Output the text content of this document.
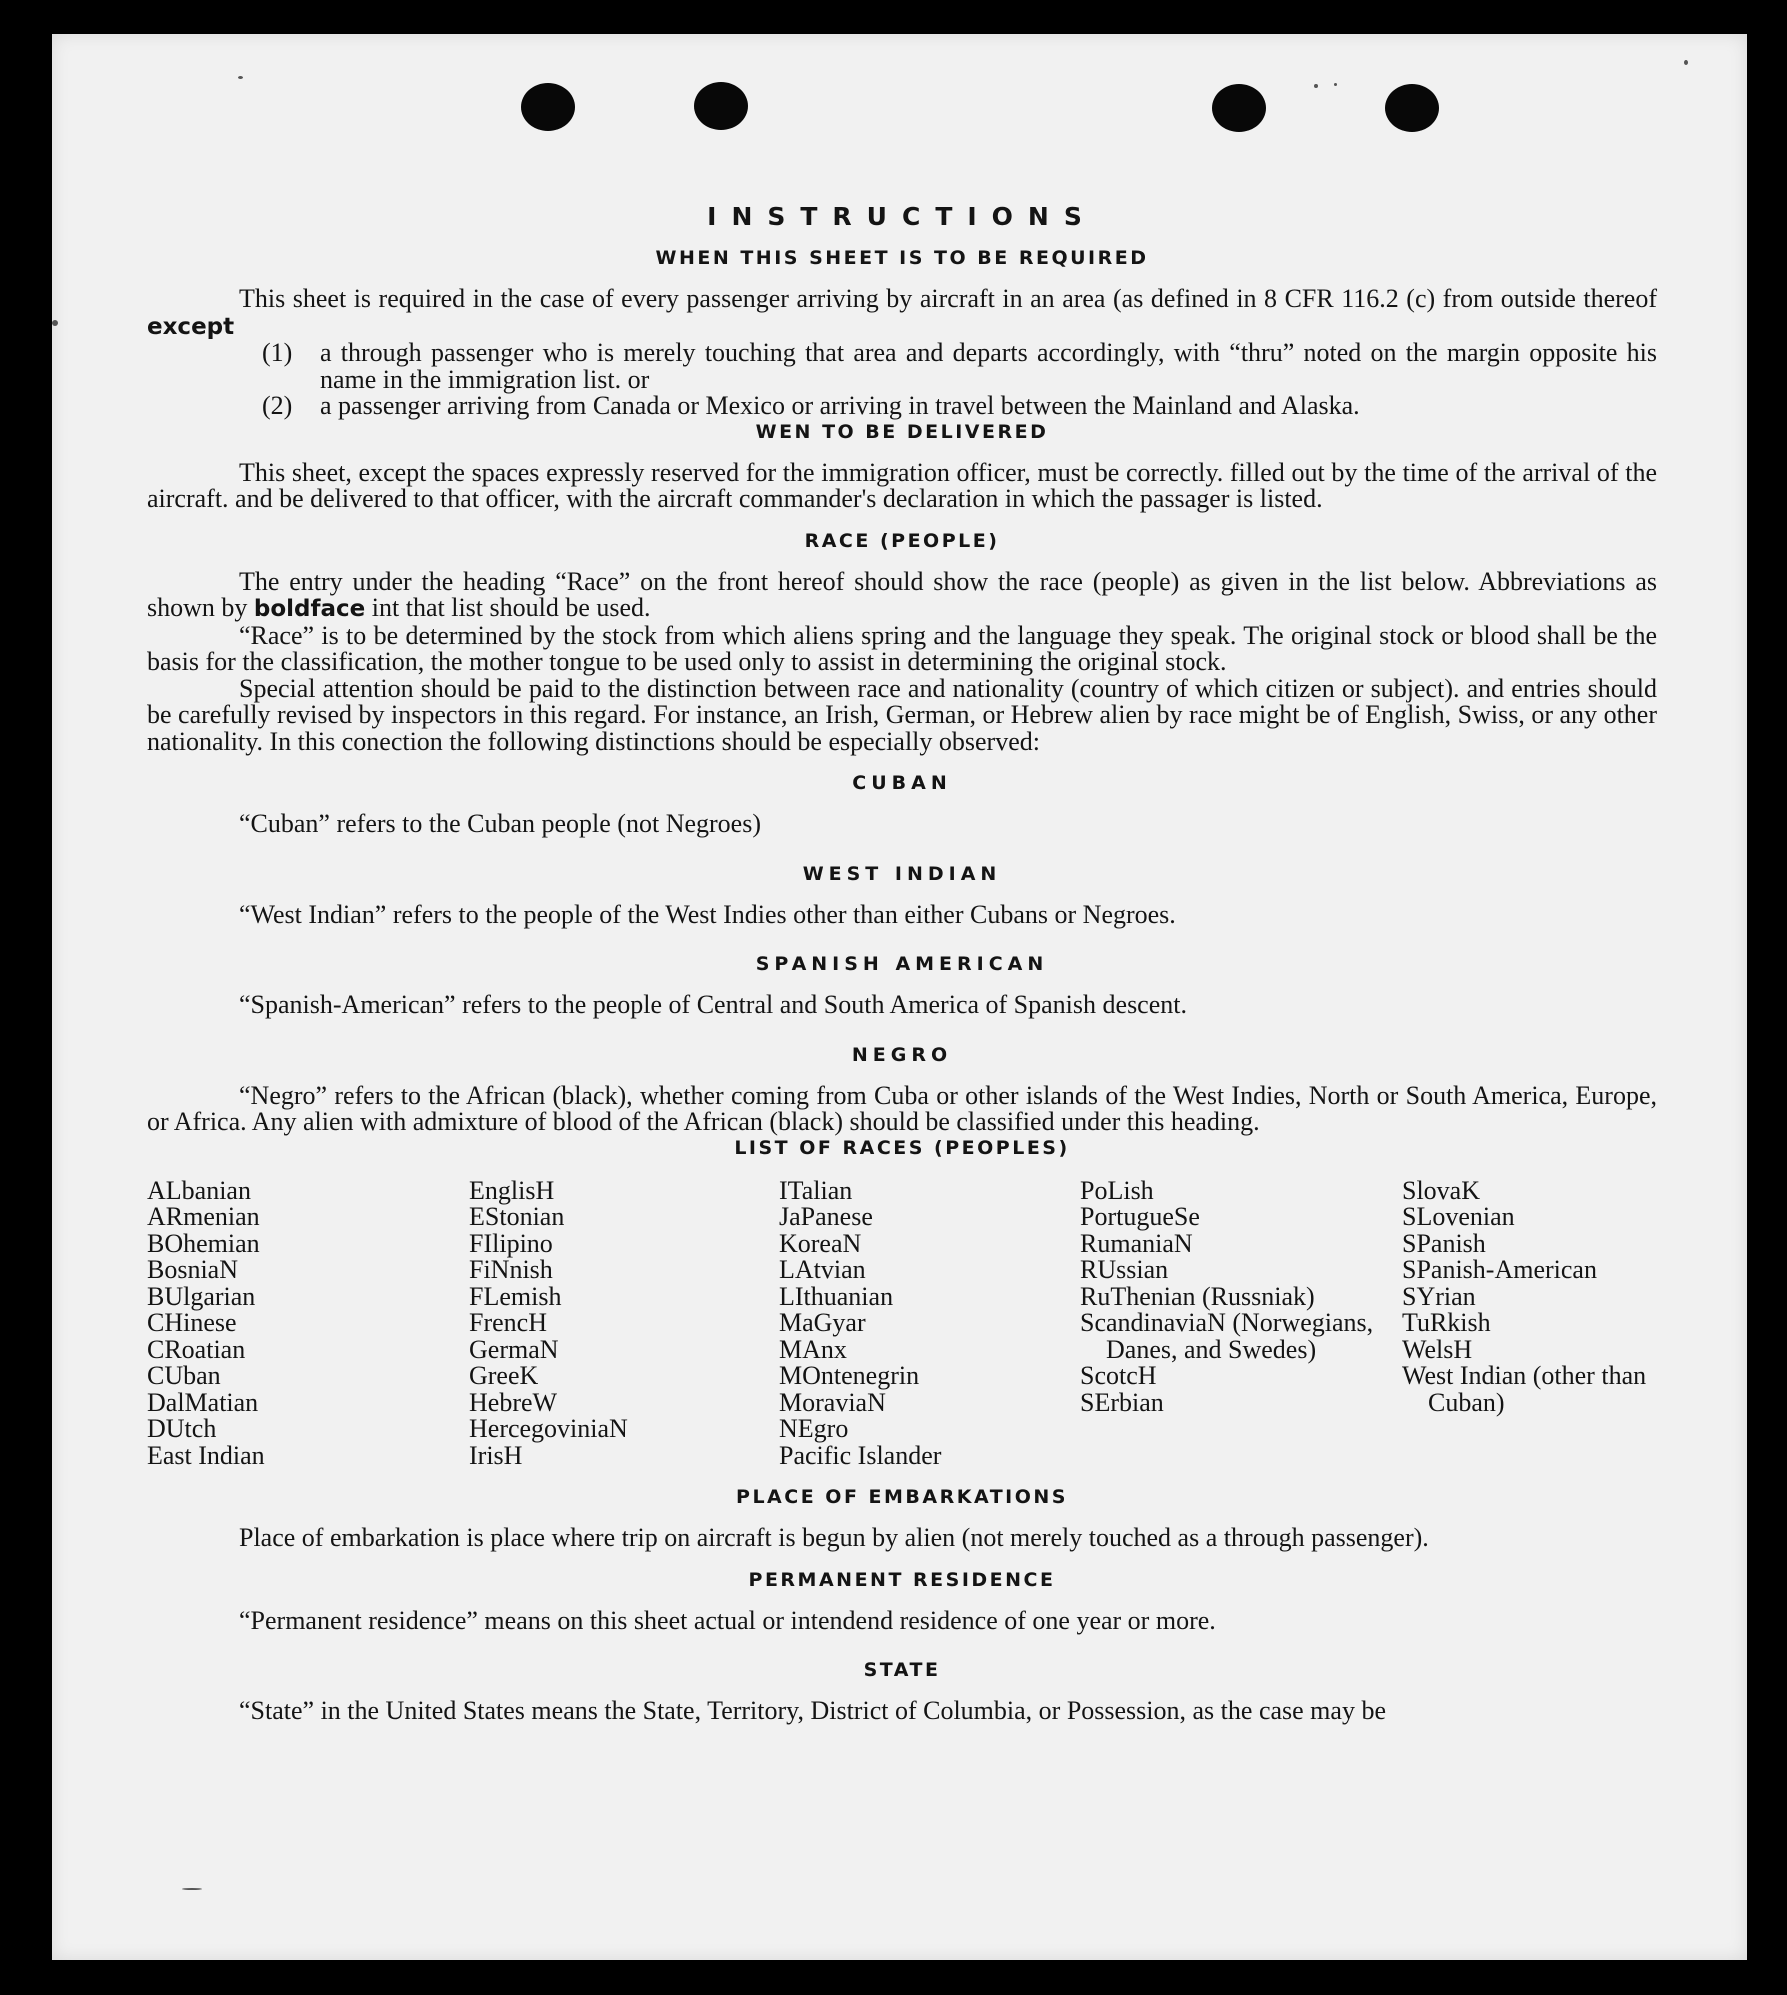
INSTRUCTIONS
WHEN THIS SHEET IS TO BE REQUIRED

This sheet is required in the case of every passenger arriving by aircraft in an area (as defined in 8 CFR 116.2 (c) from outside thereof except

(1)	a through passenger who is merely touching that area and departs accordingly, with “thru” noted on the margin opposite his name in the immigration list. or
(2)	a passenger arriving from Canada or Mexico or arriving in travel between the Mainland and Alaska.
WEN TO BE DELIVERED

This sheet, except the spaces expressly reserved for the immigration officer, must be correctly. filled out by the time of the arrival of the aircraft. and be delivered to that officer, with the aircraft commander's declaration in which the passager is listed.

RACE (PEOPLE)

The entry under the heading “Race” on the front hereof should show the race (people) as given in the list below. Abbreviations as shown by boldface int that list should be used.

“Race” is to be determined by the stock from which aliens spring and the language they speak. The original stock or blood shall be the basis for the classification, the mother tongue to be used only to assist in determining the original stock.

Special attention should be paid to the distinction between race and nationality (country of which citizen or subject). and entries should be carefully revised by inspectors in this regard. For instance, an Irish, German, or Hebrew alien by race might be of English, Swiss, or any other nationality. In this conection the following distinctions should be especially observed:

CUBAN

“Cuban” refers to the Cuban people (not Negroes)

WEST INDIAN

“West Indian” refers to the people of the West Indies other than either Cubans or Negroes.

SPANISH AMERICAN

“Spanish-American” refers to the people of Central and South America of Spanish descent.

NEGRO

“Negro” refers to the African (black), whether coming from Cuba or other islands of the West Indies, North or South America, Europe, or Africa. Any alien with admixture of blood of the African (black) should be classified under this heading.

LIST OF RACES (PEOPLES)
ALbanian
ARmenian
BOhemian
BosniaN
BUlgarian
CHinese
CRoatian
CUban
DalMatian
DUtch
East Indian
EnglisH
EStonian
FIlipino
FiNnish
FLemish
FrencH
GermaN
GreeK
HebreW
HercegoviniaN
IrisH
ITalian
JaPanese
KoreaN
LAtvian
LIthuanian
MaGyar
MAnx
MOntenegrin
MoraviaN
NEgro
Pacific Islander
PoLish
PortugueSe
RumaniaN
RUssian
RuThenian (Russniak)
ScandinaviaN (Norwegians, Danes, and Swedes)
ScotcH
SErbian
SlovaK
SLovenian
SPanish
SPanish-American
SYrian
TuRkish
WelsH
West Indian (other than Cuban)
PLACE OF EMBARKATIONS

Place of embarkation is place where trip on aircraft is begun by alien (not merely touched as a through passenger).

PERMANENT RESIDENCE

“Permanent residence” means on this sheet actual or intendend residence of one year or more.

STATE

“State” in the United States means the State, Territory, District of Columbia, or Possession, as the case may be
